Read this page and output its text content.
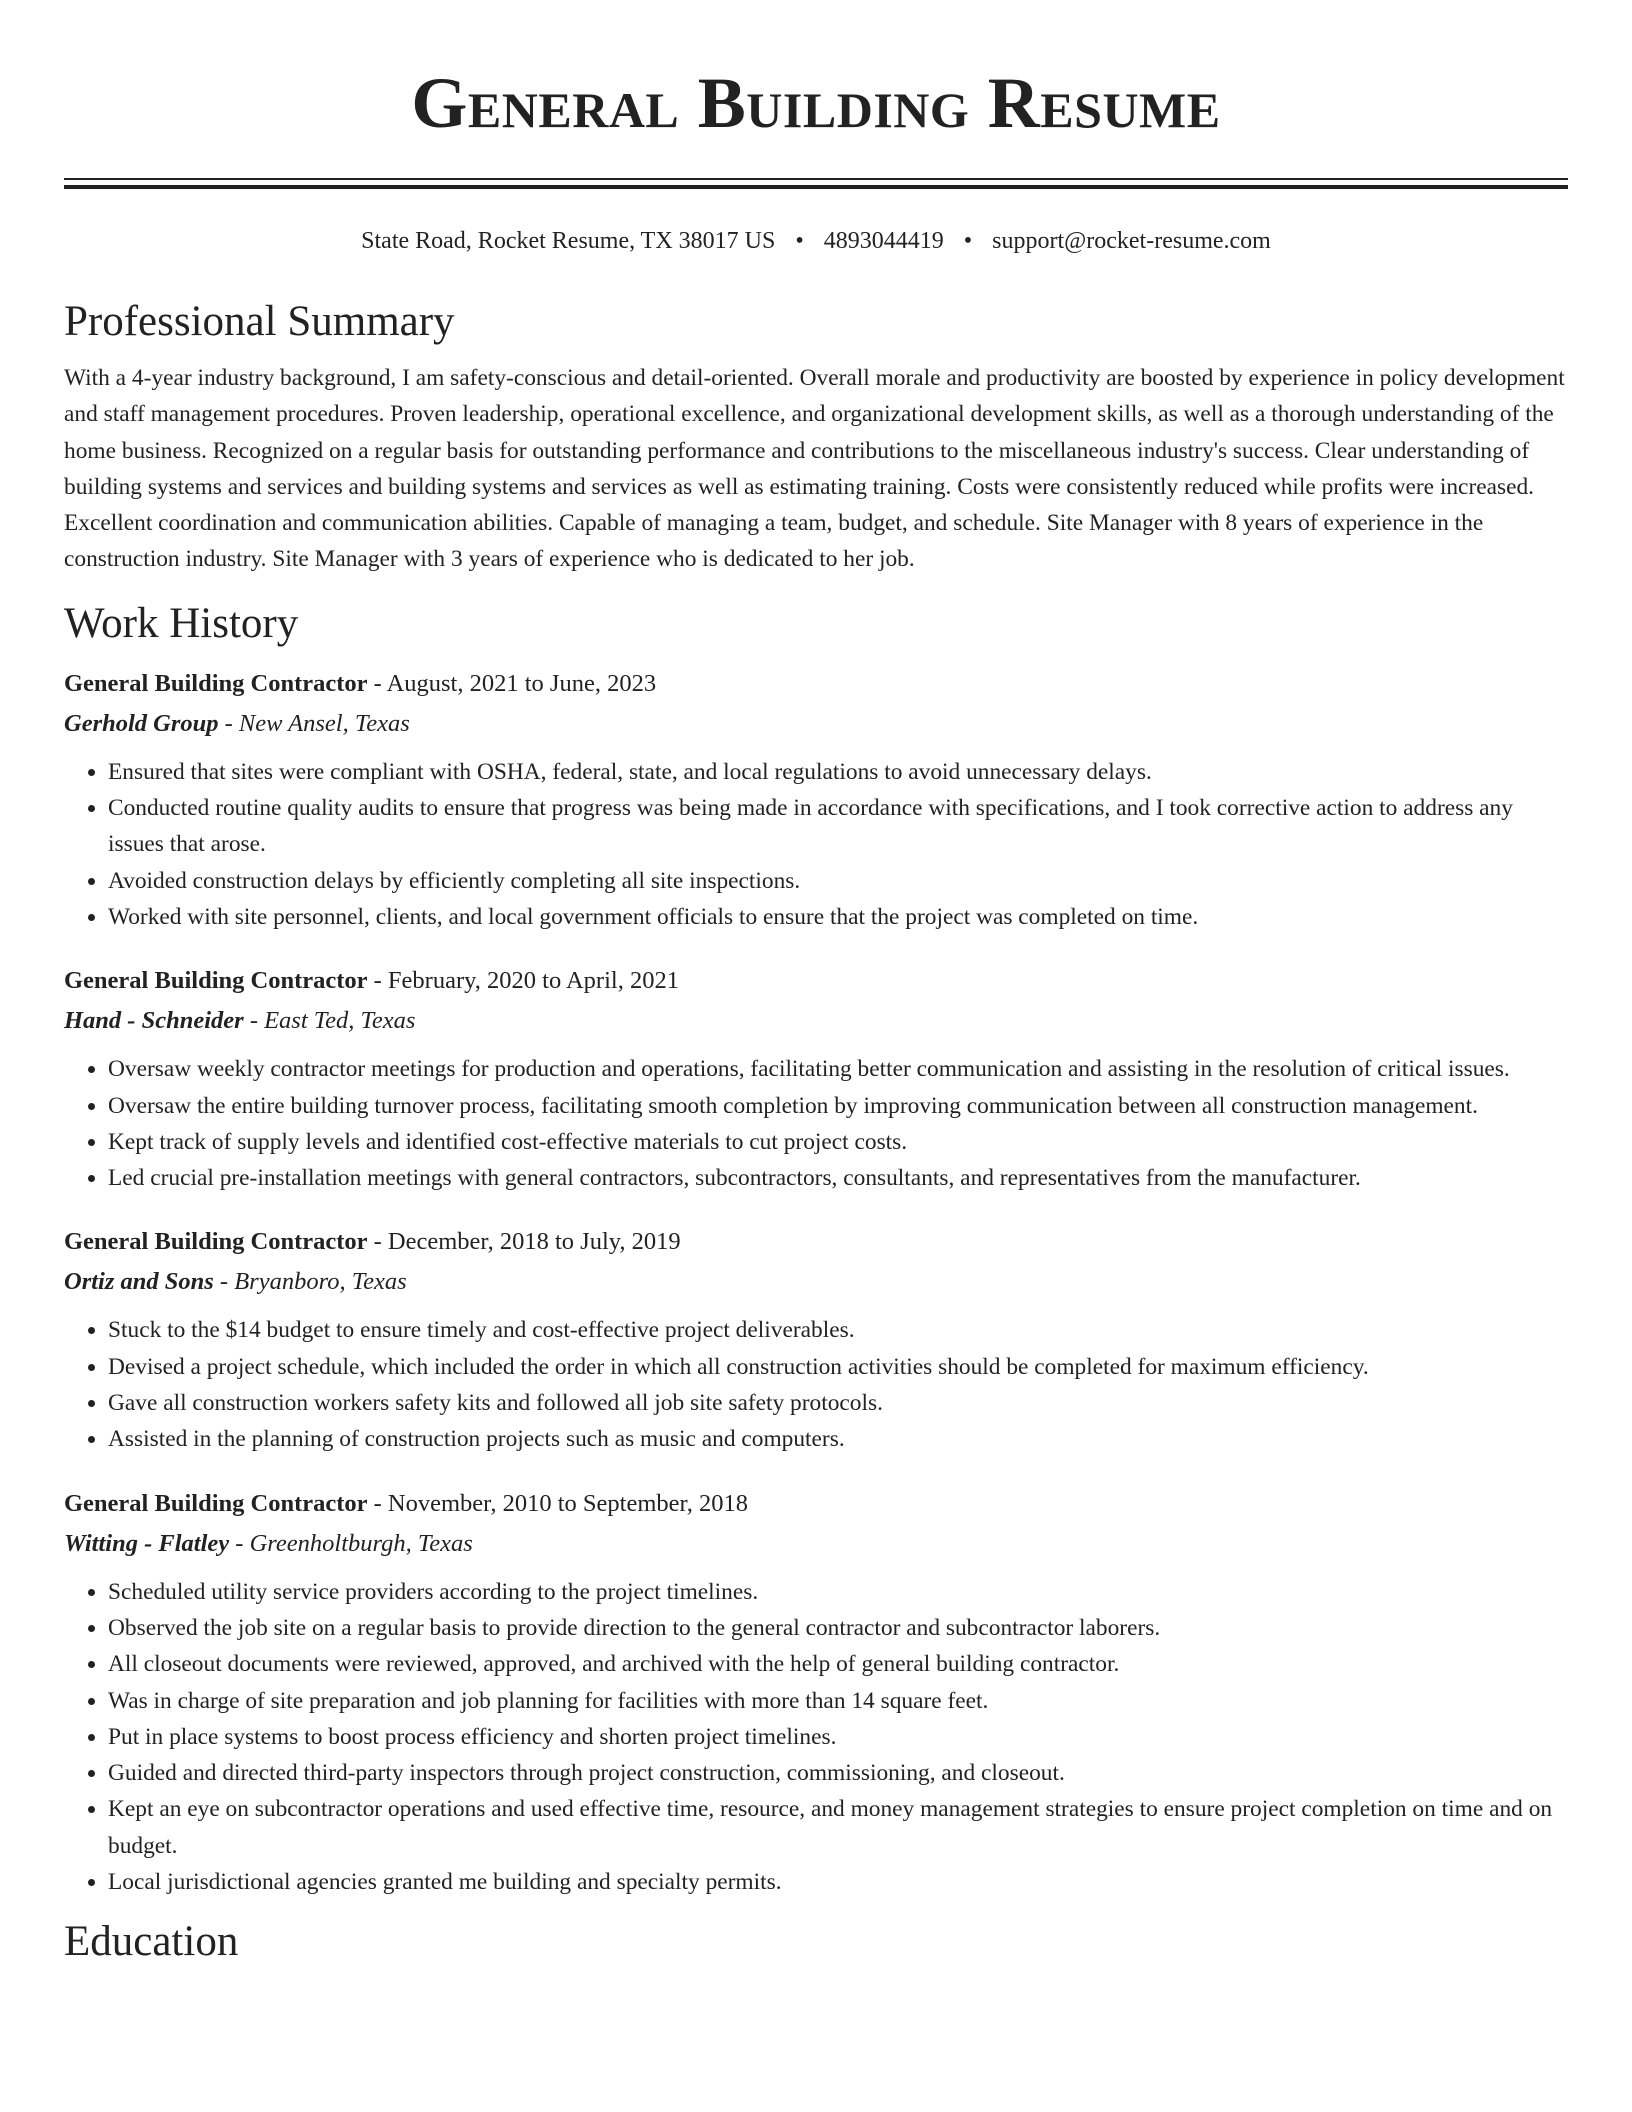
General Building Resume
State Road, Rocket Resume, TX 38017 US • 4893044419 • support@rocket-resume.com
Professional Summary

With a 4-year industry background, I am safety-conscious and detail-oriented. Overall morale and productivity are boosted by experience in policy development and staff management procedures. Proven leadership, operational excellence, and organizational development skills, as well as a thorough understanding of the home business. Recognized on a regular basis for outstanding performance and contributions to the miscellaneous industry's success. Clear understanding of building systems and services and building systems and services as well as estimating training. Costs were consistently reduced while profits were increased. Excellent coordination and communication abilities. Capable of managing a team, budget, and schedule. Site Manager with 8 years of experience in the construction industry. Site Manager with 3 years of experience who is dedicated to her job.

Work History
General Building Contractor - August, 2021 to June, 2023
Gerhold Group - New Ansel, Texas
• Ensured that sites were compliant with OSHA, federal, state, and local regulations to avoid unnecessary delays.
• Conducted routine quality audits to ensure that progress was being made in accordance with specifications, and I took corrective action to address any issues that arose.
• Avoided construction delays by efficiently completing all site inspections.
• Worked with site personnel, clients, and local government officials to ensure that the project was completed on time.
General Building Contractor - February, 2020 to April, 2021
Hand - Schneider - East Ted, Texas
• Oversaw weekly contractor meetings for production and operations, facilitating better communication and assisting in the resolution of critical issues.
• Oversaw the entire building turnover process, facilitating smooth completion by improving communication between all construction management.
• Kept track of supply levels and identified cost-effective materials to cut project costs.
• Led crucial pre-installation meetings with general contractors, subcontractors, consultants, and representatives from the manufacturer.
General Building Contractor - December, 2018 to July, 2019
Ortiz and Sons - Bryanboro, Texas
• Stuck to the $14 budget to ensure timely and cost-effective project deliverables.
• Devised a project schedule, which included the order in which all construction activities should be completed for maximum efficiency.
• Gave all construction workers safety kits and followed all job site safety protocols.
• Assisted in the planning of construction projects such as music and computers.
General Building Contractor - November, 2010 to September, 2018
Witting - Flatley - Greenholtburgh, Texas
• Scheduled utility service providers according to the project timelines.
• Observed the job site on a regular basis to provide direction to the general contractor and subcontractor laborers.
• All closeout documents were reviewed, approved, and archived with the help of general building contractor.
• Was in charge of site preparation and job planning for facilities with more than 14 square feet.
• Put in place systems to boost process efficiency and shorten project timelines.
• Guided and directed third-party inspectors through project construction, commissioning, and closeout.
• Kept an eye on subcontractor operations and used effective time, resource, and money management strategies to ensure project completion on time and on budget.
• Local jurisdictional agencies granted me building and specialty permits.
Education
